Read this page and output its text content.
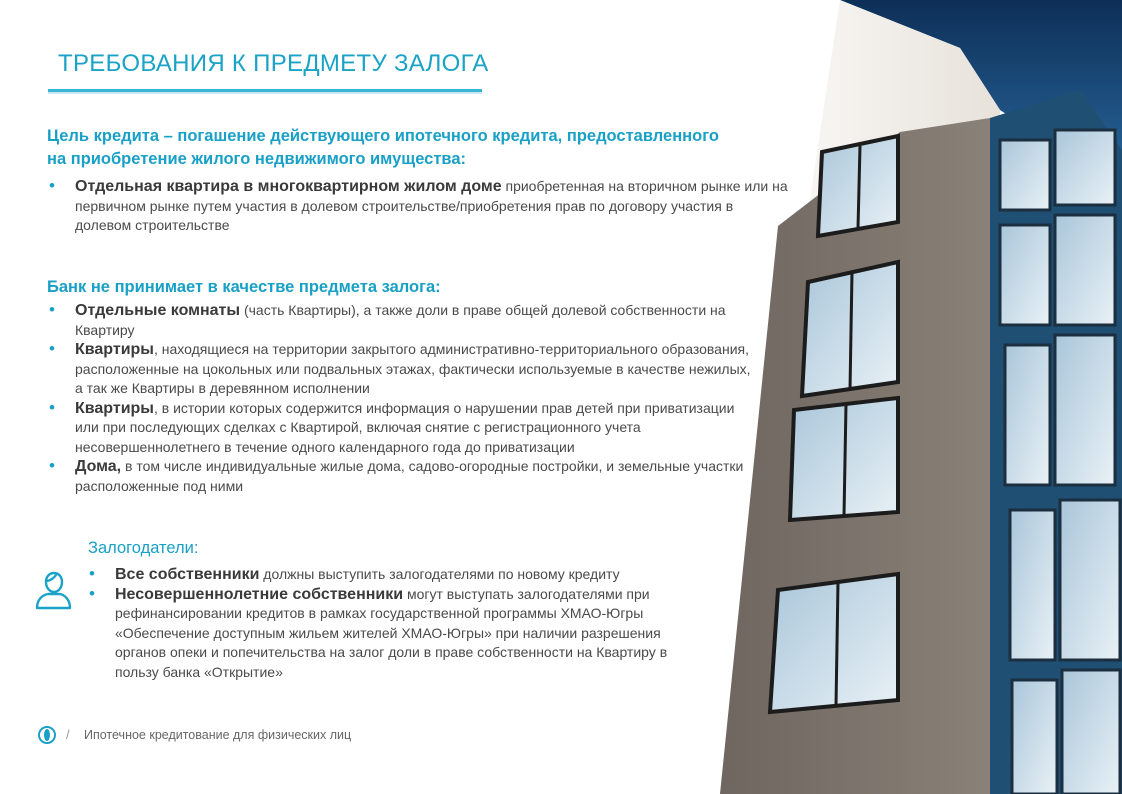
ТРЕБОВАНИЯ К ПРЕДМЕТУ ЗАЛОГА
Цель кредита – погашение действующего ипотечного кредита, предоставленного
на приобретение жилого недвижимого имущества:
• Отдельная квартира в многоквартирном жилом доме приобретенная на вторичном рынке или на первичном рынке путем участия в долевом строительстве/приобретения прав по договору участия в долевом строительстве
Банк не принимает в качестве предмета залога:
• Отдельные комнаты (часть Квартиры), а также доли в праве общей долевой собственности на Квартиру
• Квартиры, находящиеся на территории закрытого административно-территориального образования, расположенные на цокольных или подвальных этажах, фактически используемые в качестве нежилых, а так же Квартиры в деревянном исполнении
• Квартиры, в истории которых содержится информация о нарушении прав детей при приватизации или при последующих сделках с Квартирой, включая снятие с регистрационного учета несовершеннолетнего в течение одного календарного года до приватизации
• Дома, в том числе индивидуальные жилые дома, садово-огородные постройки, и земельные участки расположенные под ними
Залогодатели:
• Все собственники должны выступить залогодателями по новому кредиту
• Несовершеннолетние собственники могут выступать залогодателями при рефинансировании кредитов в рамках государственной программы ХМАО-Югры «Обеспечение доступным жильем жителей ХМАО-Югры» при наличии разрешения органов опеки и попечительства на залог доли в праве собственности на Квартиру в пользу банка «Открытие»
/ Ипотечное кредитование для физических лиц
